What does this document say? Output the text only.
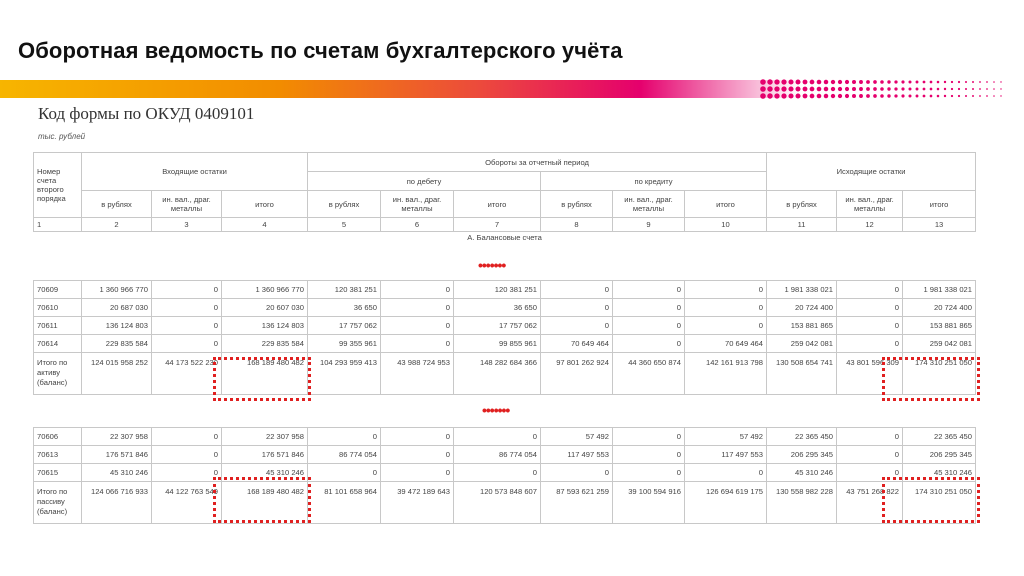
Оборотная ведомость по счетам бухгалтерского учёта
Код формы по ОКУД 0409101
тыс. рублей
Номер счета второго порядка	Входящие остатки			Обороты за отчетный период						Исходящие остатки		
				по дебету			по кредиту					
	в рублях	ин. вал., драг. металлы	итого	в рублях	ин. вал., драг. металлы	итого	в рублях	ин. вал., драг. металлы	итого	в рублях	ин. вал., драг. металлы	итого
1	2	3	4	5	6	7	8	9	10	11	12	13
А. Балансовые счета												
•••••••
70609	1 360 966 770	0	1 360 966 770	120 381 251	0	120 381 251	0	0	0	1 981 338 021	0	1 981 338 021
70610	20 687 030	0	20 607 030	36 650	0	36 650	0	0	0	20 724 400	0	20 724 400
70611	136 124 803	0	136 124 803	17 757 062	0	17 757 062	0	0	0	153 881 865	0	153 881 865
70614	229 835 584	0	229 835 584	99 355 961	0	99 855 961	70 649 464	0	70 649 464	259 042 081	0	259 042 081
Итого по активу (баланс)	124 015 958 252	44 173 522 230	168 189 480 482	104 293 959 413	43 988 724 953	148 282 684 366	97 801 262 924	44 360 650 874	142 161 913 798	130 508 654 741	43 801 596 309	174 310 251 050
•••••••
70606	22 307 958	0	22 307 958	0	0	0	57 492	0	57 492	22 365 450	0	22 365 450
70613	176 571 846	0	176 571 846	86 774 054	0	86 774 054	117 497 553	0	117 497 553	206 295 345	0	206 295 345
70615	45 310 246	0	45 310 246	0	0	0	0	0	0	45 310 246	0	45 310 246
Итого по пассиву (баланс)	124 066 716 933	44 122 763 549	168 189 480 482	81 101 658 964	39 472 189 643	120 573 848 607	87 593 621 259	39 100 594 916	126 694 619 175	130 558 982 228	43 751 268 822	174 310 251 050
